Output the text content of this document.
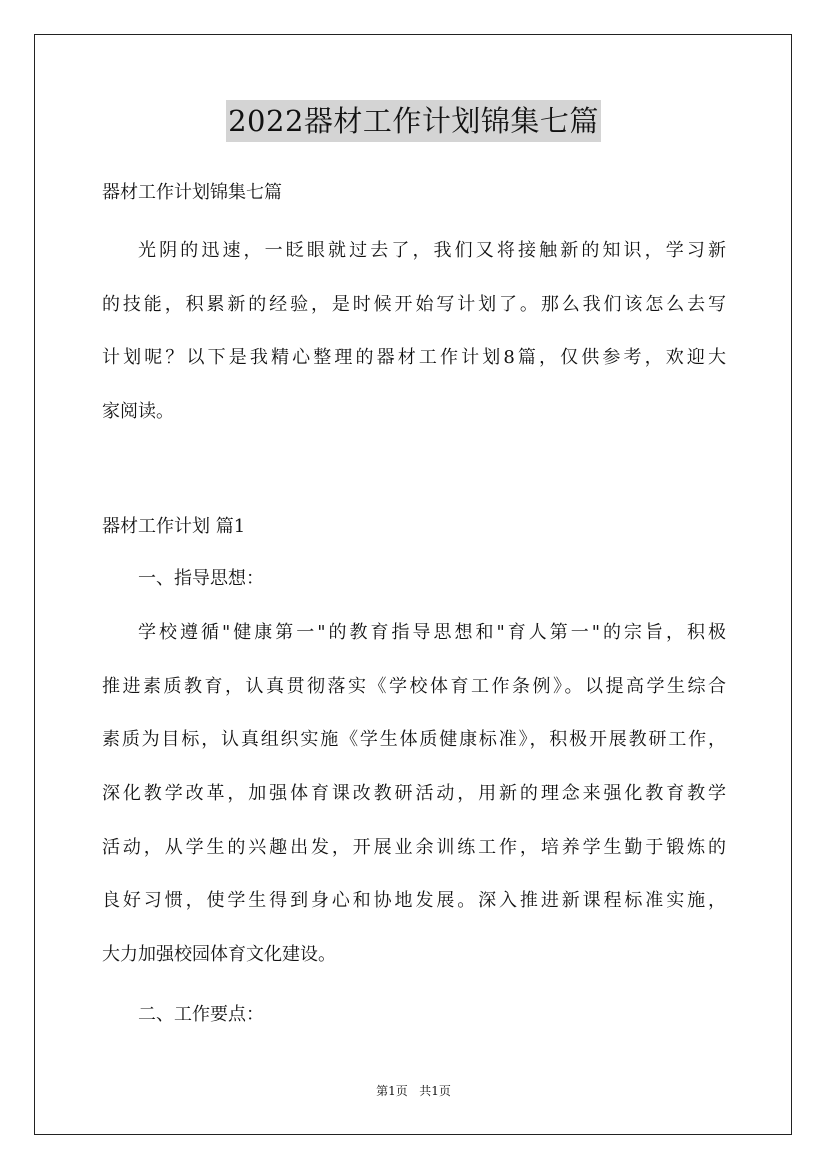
2022器材工作计划锦集七篇

器材工作计划锦集七篇

光阴的迅速，一眨眼就过去了，我们又将接触新的知识，学习新

的技能，积累新的经验，是时候开始写计划了。那么我们该怎么去写

计划呢？以下是我精心整理的器材工作计划8篇，仅供参考，欢迎大

家阅读。

器材工作计划 篇1

一、指导思想：

学校遵循"健康第一"的教育指导思想和"育人第一"的宗旨，积极

推进素质教育，认真贯彻落实《学校体育工作条例》。以提高学生综合

素质为目标，认真组织实施《学生体质健康标准》，积极开展教研工作，

深化教学改革，加强体育课改教研活动，用新的理念来强化教育教学

活动，从学生的兴趣出发，开展业余训练工作，培养学生勤于锻炼的

良好习惯，使学生得到身心和协地发展。深入推进新课程标准实施，

大力加强校园体育文化建设。

二、工作要点：

第1页 共1页
